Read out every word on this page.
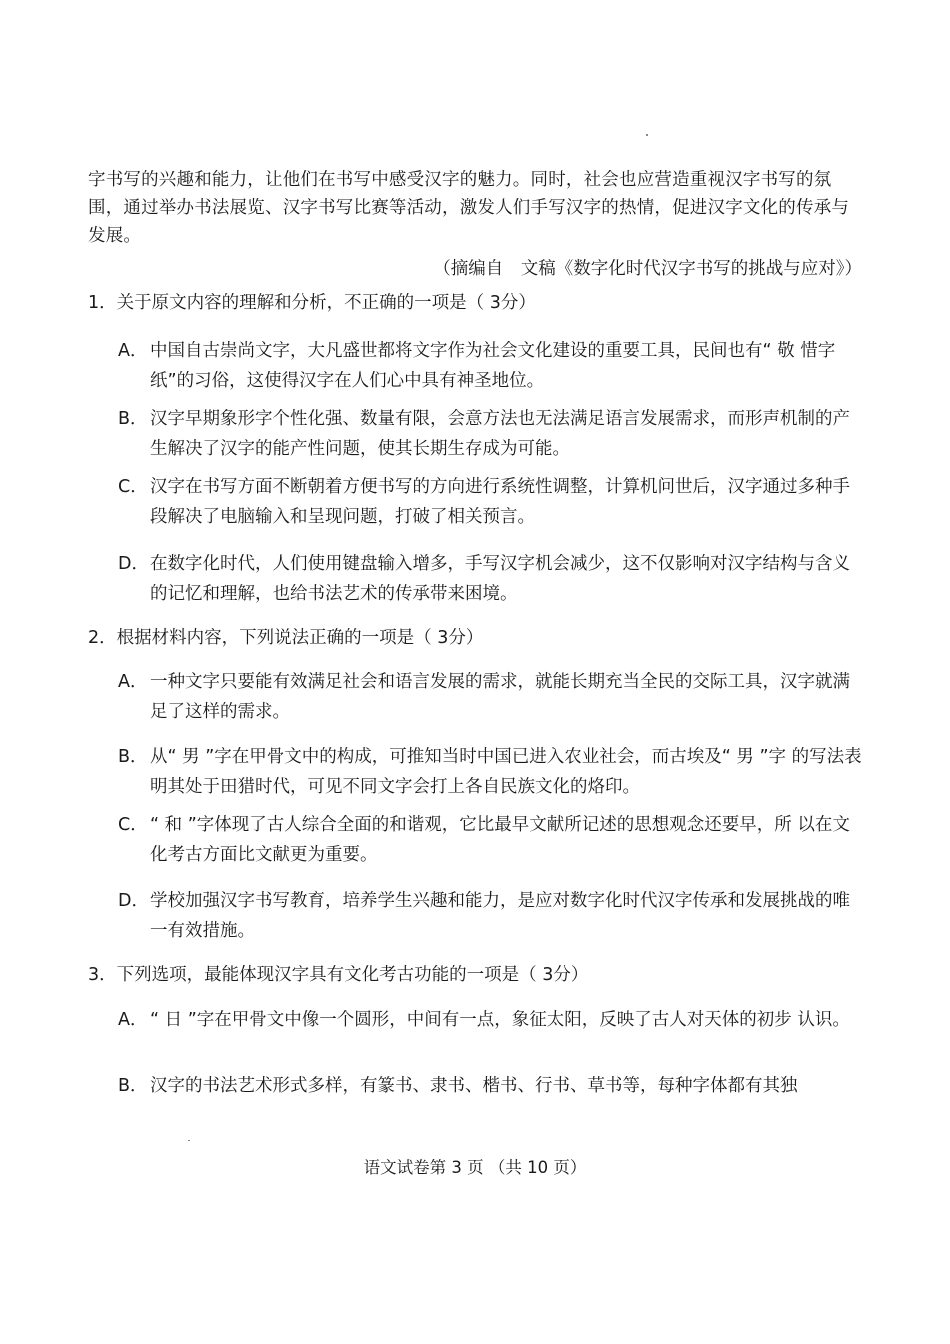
字书写的兴趣和能力，让他们在书写中感受汉字的魅力。同时，社会也应营造重视汉字书写的氛围，通过举办书法展览、汉字书写比赛等活动，激发人们手写汉字的热情，促进汉字文化的传承与发展。
（摘编自　文稿《数字化时代汉字书写的挑战与应对》）
1．关于原文内容的理解和分析，不正确的一项是（ 3分）
A． 中国自古崇尚文字，大凡盛世都将文字作为社会文化建设的重要工具，民间也有“ 敬 惜字纸”的习俗，这使得汉字在人们心中具有神圣地位。
B． 汉字早期象形字个性化强、数量有限，会意方法也无法满足语言发展需求，而形声机制的产生解决了汉字的能产性问题，使其长期生存成为可能。
C． 汉字在书写方面不断朝着方便书写的方向进行系统性调整，计算机问世后，汉字通过多种手段解决了电脑输入和呈现问题，打破了相关预言。
D． 在数字化时代，人们使用键盘输入增多，手写汉字机会减少，这不仅影响对汉字结构与含义的记忆和理解，也给书法艺术的传承带来困境。
2．根据材料内容，下列说法正确的一项是（ 3分）
A． 一种文字只要能有效满足社会和语言发展的需求，就能长期充当全民的交际工具，汉字就满足了这样的需求。
B． 从“ 男 ”字在甲骨文中的构成，可推知当时中国已进入农业社会，而古埃及“ 男 ”字 的写法表明其处于田猎时代，可见不同文字会打上各自民族文化的烙印。
C． “ 和 ”字体现了古人综合全面的和谐观，它比最早文献所记述的思想观念还要早，所 以在文化考古方面比文献更为重要。
D． 学校加强汉字书写教育，培养学生兴趣和能力，是应对数字化时代汉字传承和发展挑战的唯一有效措施。
3．下列选项，最能体现汉字具有文化考古功能的一项是（ 3分）
A． “ 日 ”字在甲骨文中像一个圆形，中间有一点，象征太阳，反映了古人对天体的初步 认识。
B． 汉字的书法艺术形式多样，有篆书、隶书、楷书、行书、草书等，每种字体都有其独
语文试卷第 3 页 （共 10 页）
